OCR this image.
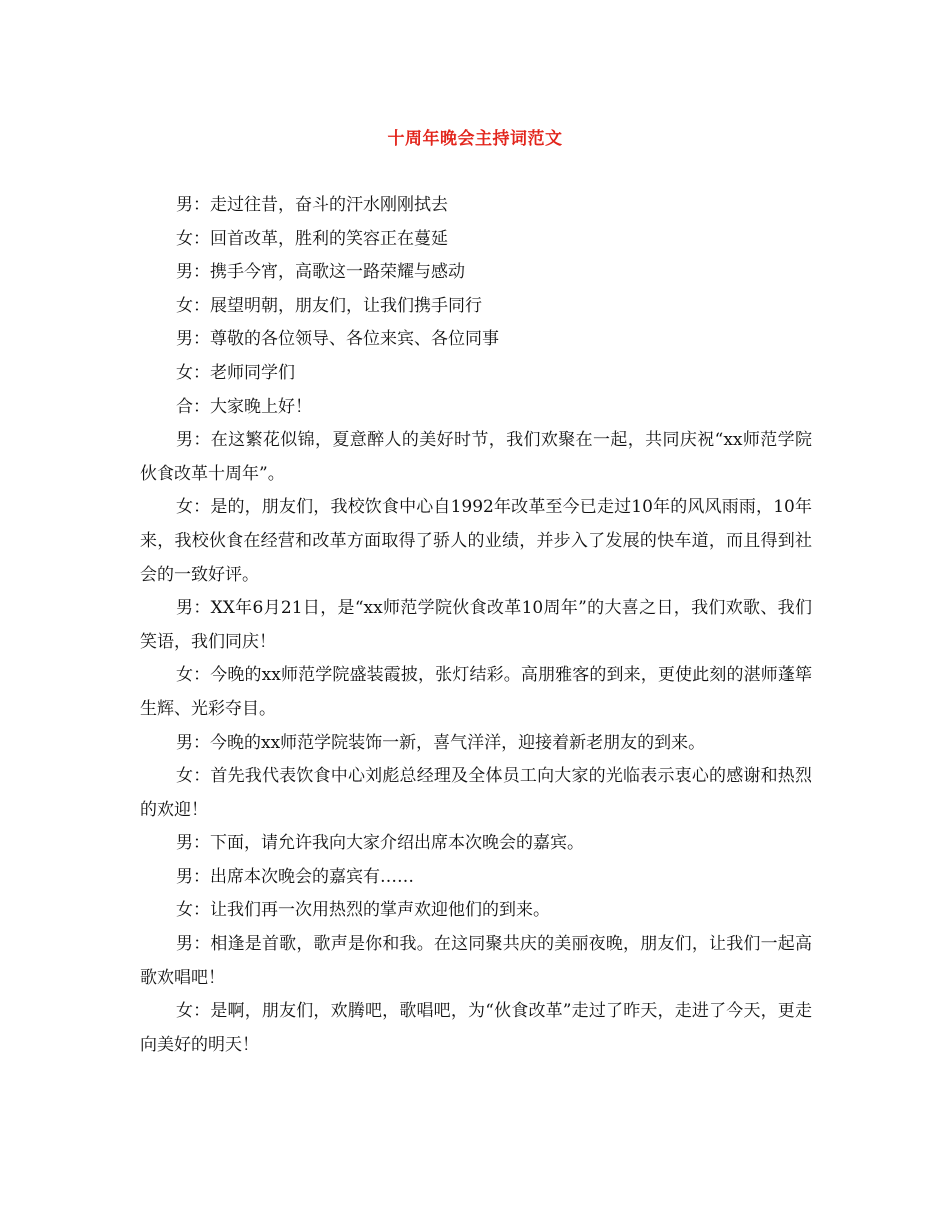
十周年晚会主持词范文

男：走过往昔，奋斗的汗水刚刚拭去

女：回首改革，胜利的笑容正在蔓延

男：携手今宵，高歌这一路荣耀与感动

女：展望明朝，朋友们，让我们携手同行

男：尊敬的各位领导、各位来宾、各位同事

女：老师同学们

合：大家晚上好！

男：在这繁花似锦，夏意醉人的美好时节，我们欢聚在一起，共同庆祝“xx师范学院伙食改革十周年”。

女：是的，朋友们，我校饮食中心自1992年改革至今已走过10年的风风雨雨，10年来，我校伙食在经营和改革方面取得了骄人的业绩，并步入了发展的快车道，而且得到社会的一致好评。

男：XX年6月21日，是“xx师范学院伙食改革10周年”的大喜之日，我们欢歌、我们笑语，我们同庆！

女：今晚的xx师范学院盛装霞披，张灯结彩。高朋雅客的到来，更使此刻的湛师蓬筚生辉、光彩夺目。

男：今晚的xx师范学院装饰一新，喜气洋洋，迎接着新老朋友的到来。

女：首先我代表饮食中心刘彪总经理及全体员工向大家的光临表示衷心的感谢和热烈的欢迎！

男：下面，请允许我向大家介绍出席本次晚会的嘉宾。

男：出席本次晚会的嘉宾有……

女：让我们再一次用热烈的掌声欢迎他们的到来。

男：相逢是首歌，歌声是你和我。在这同聚共庆的美丽夜晚，朋友们，让我们一起高歌欢唱吧！

女：是啊，朋友们，欢腾吧，歌唱吧，为“伙食改革”走过了昨天，走进了今天，更走向美好的明天！
